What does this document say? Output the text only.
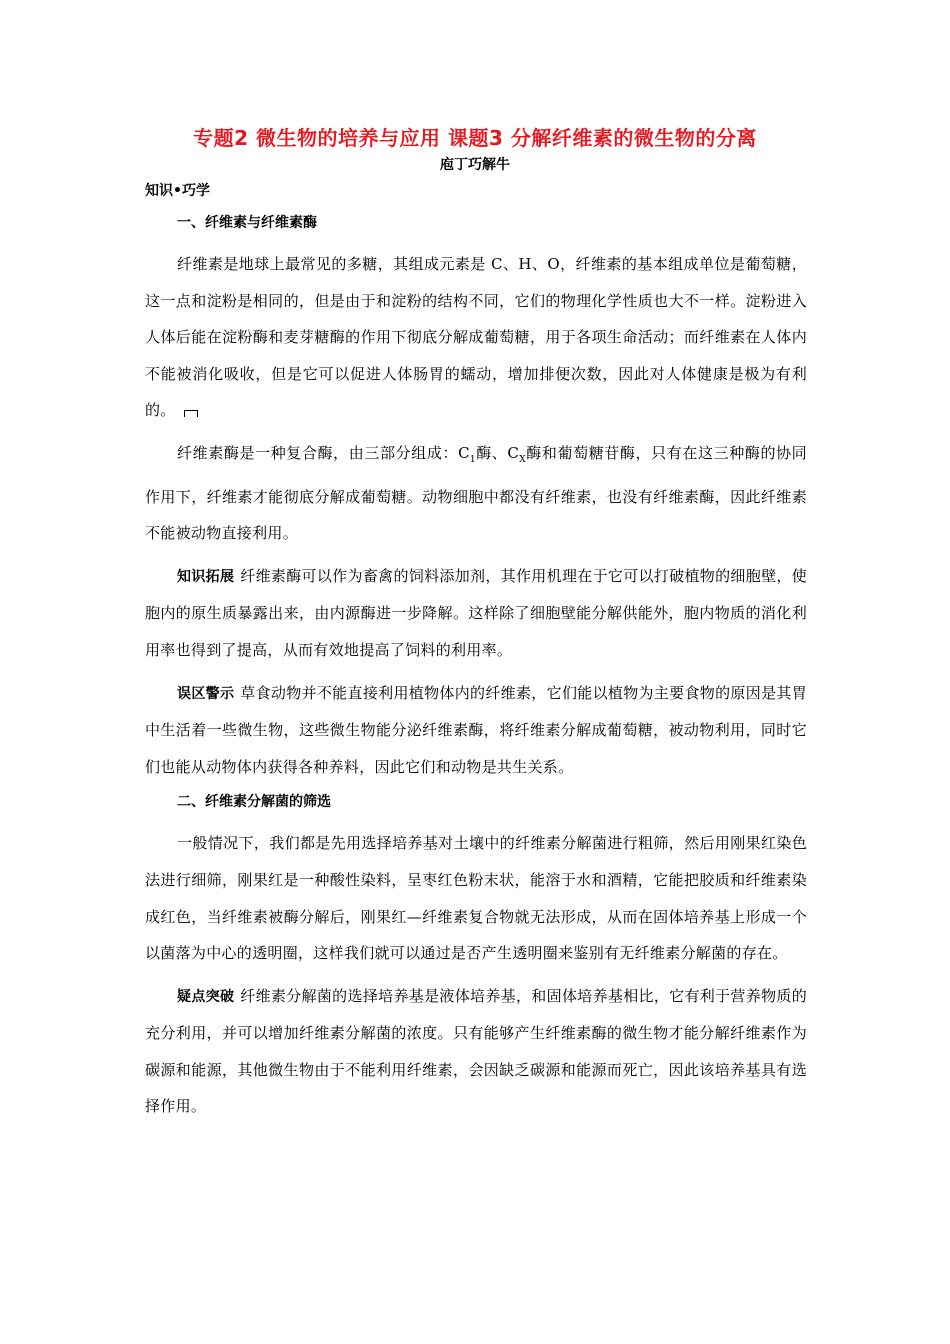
专题2 微生物的培养与应用 课题3 分解纤维素的微生物的分离
庖丁巧解牛
知识•巧学
一、纤维素与纤维素酶

纤维素是地球上最常见的多糖，其组成元素是 C、H、O，纤维素的基本组成单位是葡萄糖，这一点和淀粉是相同的，但是由于和淀粉的结构不同，它们的物理化学性质也大不一样。淀粉进入人体后能在淀粉酶和麦芽糖酶的作用下彻底分解成葡萄糖，用于各项生命活动；而纤维素在人体内不能被消化吸收，但是它可以促进人体肠胃的蠕动，增加排便次数，因此对人体健康是极为有利的。

纤维素酶是一种复合酶，由三部分组成：$C_1$酶、$C_X$酶和葡萄糖苷酶，只有在这三种酶的协同作用下，纤维素才能彻底分解成葡萄糖。动物细胞中都没有纤维素，也没有纤维素酶，因此纤维素不能被动物直接利用。

知识拓展 纤维素酶可以作为畜禽的饲料添加剂，其作用机理在于它可以打破植物的细胞壁，使胞内的原生质暴露出来，由内源酶进一步降解。这样除了细胞壁能分解供能外，胞内物质的消化利用率也得到了提高，从而有效地提高了饲料的利用率。

误区警示 草食动物并不能直接利用植物体内的纤维素，它们能以植物为主要食物的原因是其胃中生活着一些微生物，这些微生物能分泌纤维素酶，将纤维素分解成葡萄糖，被动物利用，同时它们也能从动物体内获得各种养料，因此它们和动物是共生关系。

二、纤维素分解菌的筛选

一般情况下，我们都是先用选择培养基对土壤中的纤维素分解菌进行粗筛，然后用刚果红染色法进行细筛，刚果红是一种酸性染料，呈枣红色粉末状，能溶于水和酒精，它能把胶质和纤维素染成红色，当纤维素被酶分解后，刚果红—纤维素复合物就无法形成，从而在固体培养基上形成一个以菌落为中心的透明圈，这样我们就可以通过是否产生透明圈来鉴别有无纤维素分解菌的存在。

疑点突破 纤维素分解菌的选择培养基是液体培养基，和固体培养基相比，它有利于营养物质的充分利用，并可以增加纤维素分解菌的浓度。只有能够产生纤维素酶的微生物才能分解纤维素作为碳源和能源，其他微生物由于不能利用纤维素，会因缺乏碳源和能源而死亡，因此该培养基具有选择作用。
